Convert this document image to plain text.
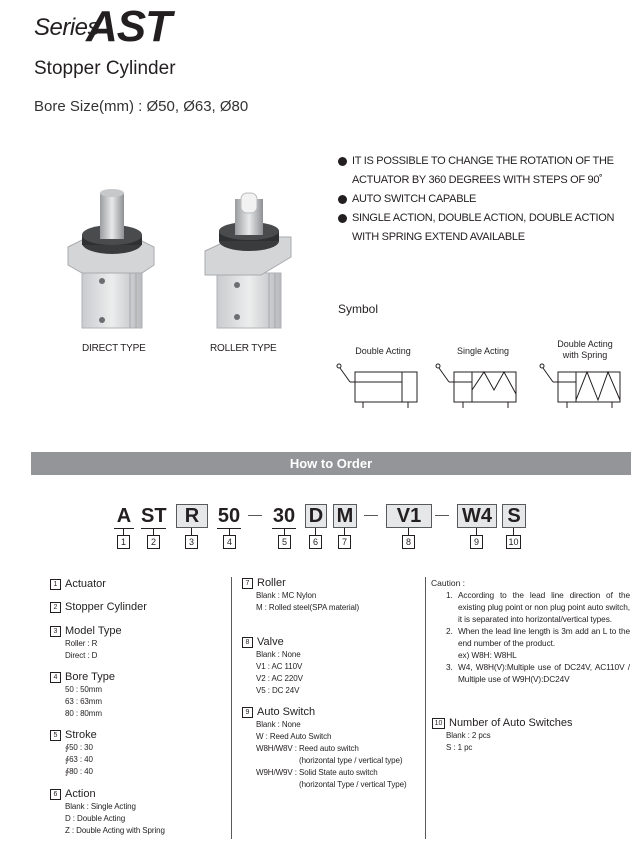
Series
AST
Stopper Cylinder
Bore Size(mm) : Ø50, Ø63, Ø80
DIRECT TYPE	ROLLER TYPE
IT IS POSSIBLE TO CHANGE THE ROTATION OF THE
ACTUATOR BY 360 DEGREES WITH STEPS OF 90˚
AUTO SWITCH CAPABLE
SINGLE ACTION, DOUBLE ACTION, DOUBLE ACTION
WITH SPRING EXTEND AVAILABLE
Symbol
Double Acting	Single Acting
Double Acting
with Spring
How to Order
A
1
ST
2
R
3
50
4
30
5
D
6
M
7
V1
8
W4
9
S
10
1 Actuator
2 Stopper Cylinder
3 Model Type
Roller : R
Direct : D
4 Bore Type
50 : 50mm
63 : 63mm
80 : 80mm
5 Stroke
∮50 : 30
∮63 : 40
∮80 : 40
6 Action
Blank : Single Acting
D : Double Acting
Z : Double Acting with Spring
7 Roller
Blank : MC Nylon
M : Rolled steel(SPA material)
8 Valve
Blank : None
V1 : AC 110V
V2 : AC 220V
V5 : DC 24V
9 Auto Switch
Blank : None
W : Reed Auto Switch
W8H/W8V : Reed auto switch
(horizontal type / vertical type)
W9H/W9V : Solid State auto switch
(horizontal Type / vertical Type)
Caution :
1. According to the lead line direction of the existing plug point or non plug point auto switch, it is separated into horizontal/vertical types.
2. When the lead line length is 3m add an L to the end number of the product.
ex) W8H: W8HL
3. W4, W8H(V):Multiple use of DC24V, AC110V / Multiple use of W9H(V):DC24V
10 Number of Auto Switches
Blank : 2 pcs
S : 1 pc
